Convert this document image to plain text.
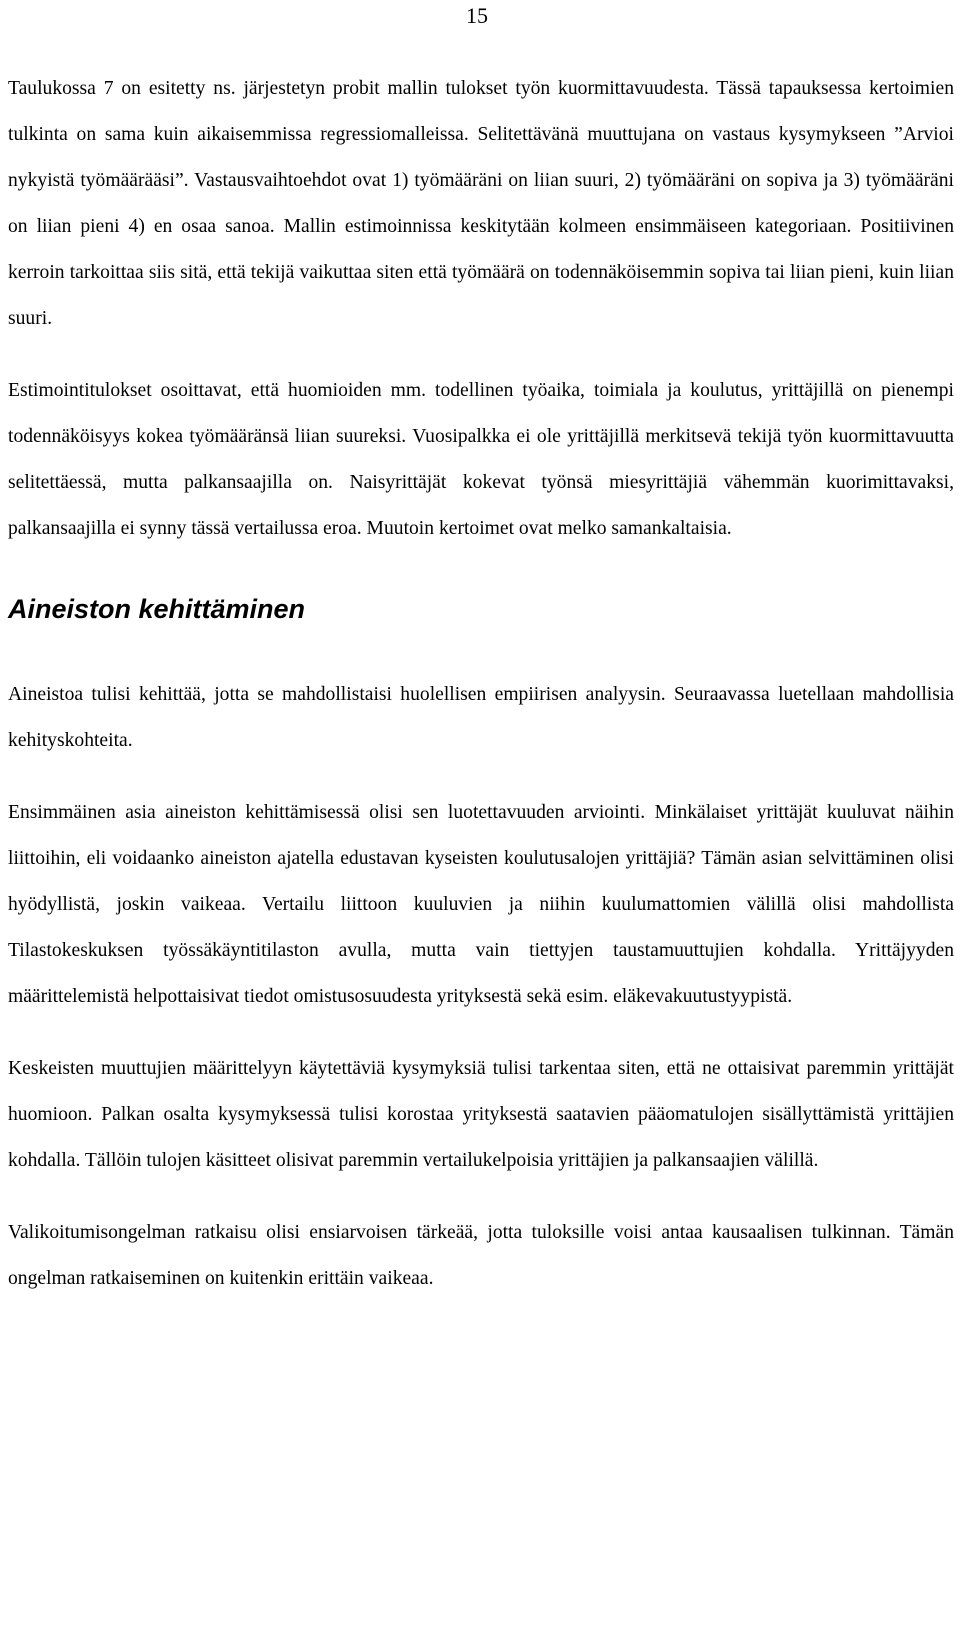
15

Taulukossa 7 on esitetty ns. järjestetyn probit mallin tulokset työn kuormittavuudesta. Tässä tapauksessa kertoimien tulkinta on sama kuin aikaisemmissa regressiomalleissa. Selitettävänä muuttujana on vastaus kysymykseen ”Arvioi nykyistä työmäärääsi”. Vastausvaihtoehdot ovat 1) työmääräni on liian suuri, 2) työmääräni on sopiva ja 3) työmääräni on liian pieni 4) en osaa sanoa. Mallin estimoinnissa keskitytään kolmeen ensimmäiseen kategoriaan. Positiivinen kerroin tarkoittaa siis sitä, että tekijä vaikuttaa siten että työmäärä on todennäköisemmin sopiva tai liian pieni, kuin liian suuri.

Estimointitulokset osoittavat, että huomioiden mm. todellinen työaika, toimiala ja koulutus, yrittäjillä on pienempi todennäköisyys kokea työmääränsä liian suureksi. Vuosipalkka ei ole yrittäjillä merkitsevä tekijä työn kuormittavuutta selitettäessä, mutta palkansaajilla on. Naisyrittäjät kokevat työnsä miesyrittäjiä vähemmän kuorimittavaksi, palkansaajilla ei synny tässä vertailussa eroa. Muutoin kertoimet ovat melko samankaltaisia.

Aineiston kehittäminen

Aineistoa tulisi kehittää, jotta se mahdollistaisi huolellisen empiirisen analyysin. Seuraavassa luetellaan mahdollisia kehityskohteita.

Ensimmäinen asia aineiston kehittämisessä olisi sen luotettavuuden arviointi. Minkälaiset yrittäjät kuuluvat näihin liittoihin, eli voidaanko aineiston ajatella edustavan kyseisten koulutusalojen yrittäjiä? Tämän asian selvittäminen olisi hyödyllistä, joskin vaikeaa. Vertailu liittoon kuuluvien ja niihin kuulumattomien välillä olisi mahdollista Tilastokeskuksen työssäkäyntitilaston avulla, mutta vain tiettyjen taustamuuttujien kohdalla. Yrittäjyyden määrittelemistä helpottaisivat tiedot omistusosuudesta yrityksestä sekä esim. eläkevakuutustyypistä.

Keskeisten muuttujien määrittelyyn käytettäviä kysymyksiä tulisi tarkentaa siten, että ne ottaisivat paremmin yrittäjät huomioon. Palkan osalta kysymyksessä tulisi korostaa yrityksestä saatavien pääomatulojen sisällyttämistä yrittäjien kohdalla. Tällöin tulojen käsitteet olisivat paremmin vertailukelpoisia yrittäjien ja palkansaajien välillä.

Valikoitumisongelman ratkaisu olisi ensiarvoisen tärkeää, jotta tuloksille voisi antaa kausaalisen tulkinnan. Tämän ongelman ratkaiseminen on kuitenkin erittäin vaikeaa.
